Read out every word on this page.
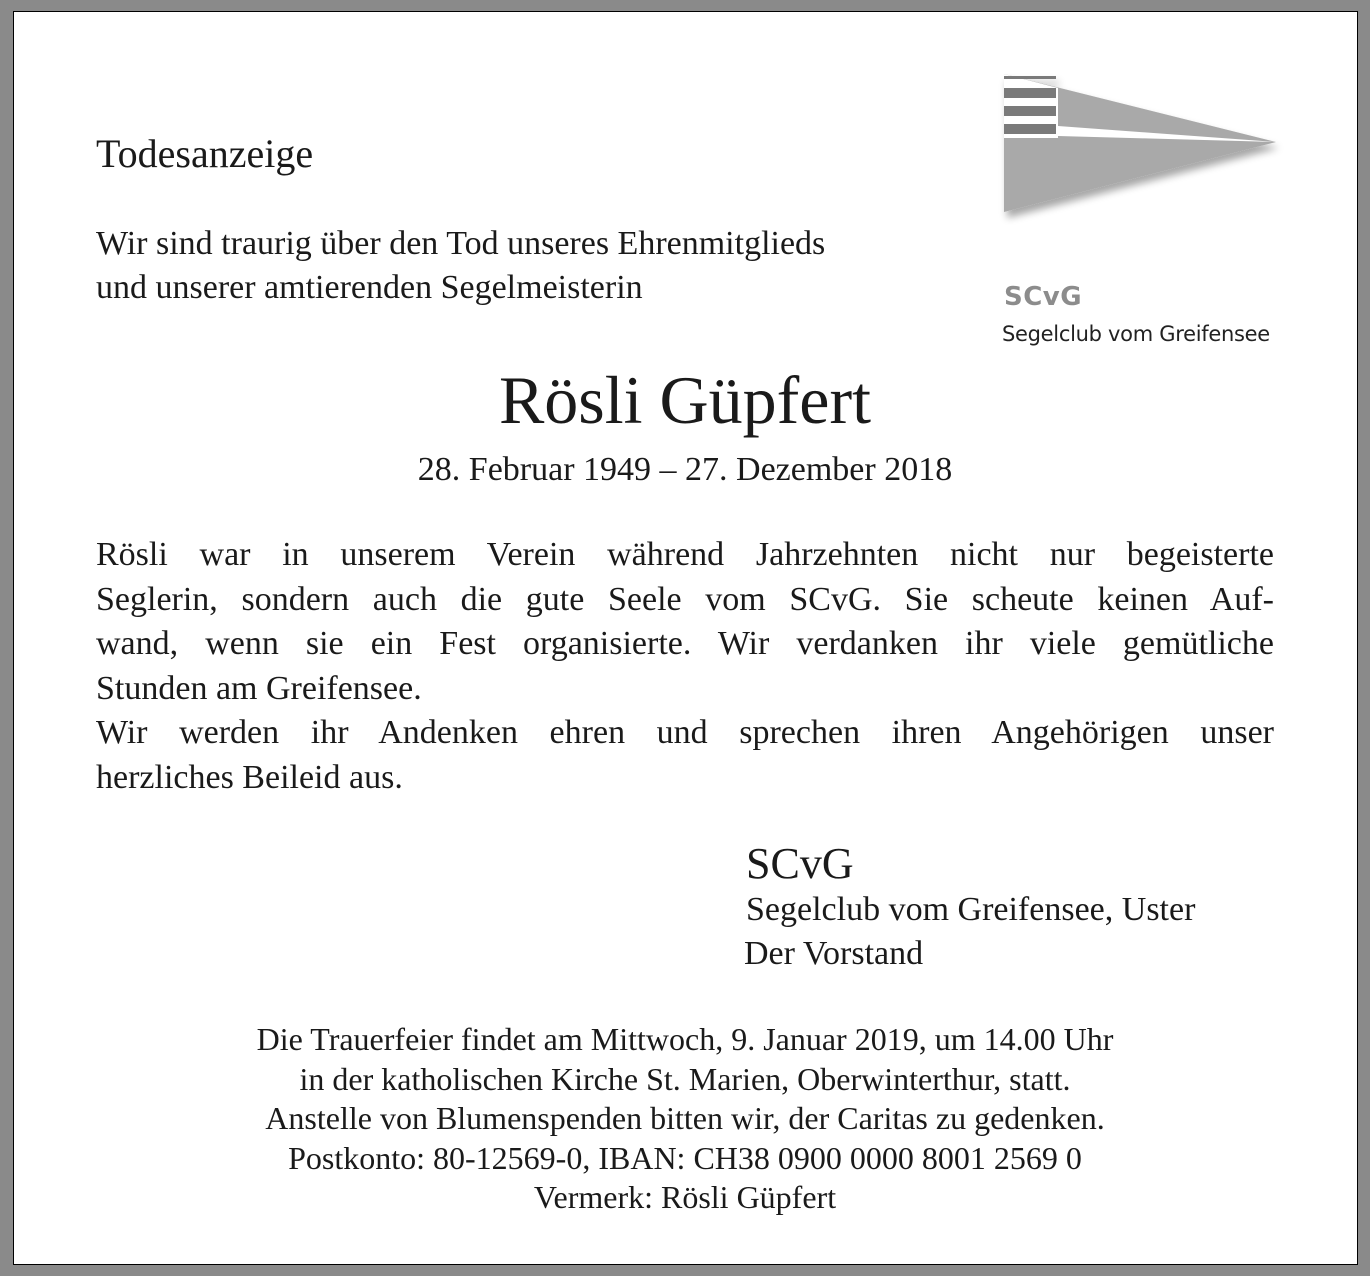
Todesanzeige
Wir sind traurig über den Tod unseres Ehrenmitglieds
und unserer amtierenden Segelmeisterin	SCvG
Segelclub vom Greifensee
Rösli Güpfert
28. Februar 1949 – 27. Dezember 2018
Rösli war in unserem Verein während Jahrzehnten nicht nur begeisterte
Seglerin, sondern auch die gute Seele vom SCvG. Sie scheute keinen Auf-
wand, wenn sie ein Fest organisierte. Wir verdanken ihr viele gemütliche
Stunden am Greifensee.
Wir werden ihr Andenken ehren und sprechen ihren Angehörigen unser
herzliches Beileid aus.
SCvG
Segelclub vom Greifensee, Uster
Der Vorstand
Die Trauerfeier findet am Mittwoch, 9. Januar 2019, um 14.00 Uhr
in der katholischen Kirche St. Marien, Oberwinterthur, statt.
Anstelle von Blumenspenden bitten wir, der Caritas zu gedenken.
Postkonto: 80-12569-0, IBAN: CH38 0900 0000 8001 2569 0
Vermerk: Rösli Güpfert
